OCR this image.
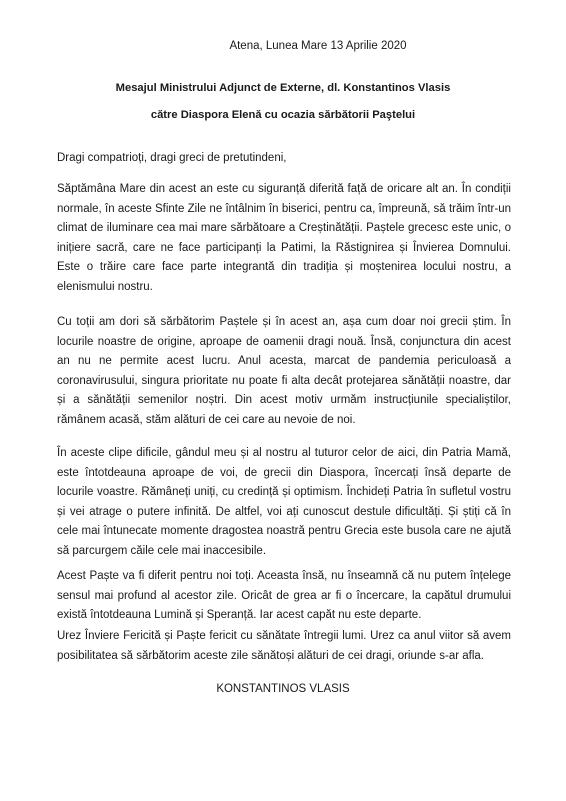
Atena, Lunea Mare 13 Aprilie 2020
Mesajul Ministrului Adjunct de Externe, dl. Konstantinos Vlasis
către Diaspora Elenă cu ocazia sărbătorii Paştelui
Dragi compatrioți, dragi greci de pretutindeni,

Săptămâna Mare din acest an este cu siguranță diferită față de oricare alt an. În condiții normale, în aceste Sfinte Zile ne întâlnim în biserici, pentru ca, împreună, să trăim într-un climat de iluminare cea mai mare sărbătoare a Creștinătății. Paștele grecesc este unic, o inițiere sacră, care ne face participanți la Patimi, la Răstignirea și Învierea Domnului. Este o trăire care face parte integrantă din tradiția și moștenirea locului nostru, a elenismului nostru.

Cu toții am dori să sărbătorim Paștele și în acest an, așa cum doar noi grecii știm. În locurile noastre de origine, aproape de oamenii dragi nouă. Însă, conjunctura din acest an nu ne permite acest lucru. Anul acesta, marcat de pandemia periculoasă a coronavirusului, singura prioritate nu poate fi alta decât protejarea sănătății noastre, dar și a sănătății semenilor noștri. Din acest motiv urmăm instrucțiunile specialiștilor, rămânem acasă, stăm alături de cei care au nevoie de noi.

În aceste clipe dificile, gândul meu și al nostru al tuturor celor de aici, din Patria Mamă, este întotdeauna aproape de voi, de grecii din Diaspora, încercați însă departe de locurile voastre. Rămâneți uniți, cu credință și optimism. Închideți Patria în sufletul vostru și vei atrage o putere infinită. De altfel, voi ați cunoscut destule dificultăți. Și știți că în cele mai întunecate momente dragostea noastră pentru Grecia este busola care ne ajută să parcurgem căile cele mai inaccesibile.

Acest Paște va fi diferit pentru noi toți. Aceasta însă, nu înseamnă că nu putem înțelege sensul mai profund al acestor zile. Oricât de grea ar fi o încercare, la capătul drumului există întotdeauna Lumină și Speranță. Iar acest capăt nu este departe.

Urez Înviere Fericită și Paște fericit cu sănătate întregii lumi. Urez ca anul viitor să avem posibilitatea să sărbătorim aceste zile sănătoși alături de cei dragi, oriunde s-ar afla.

KONSTANTINOS VLASIS
